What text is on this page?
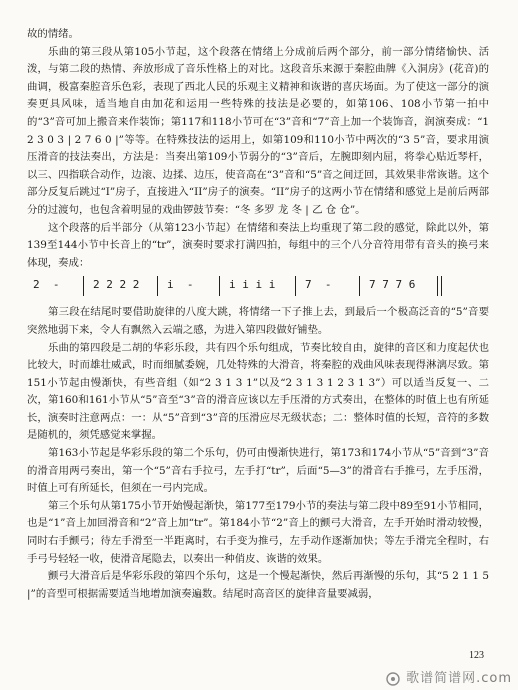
故的情绪。

乐曲的第三段从第105小节起，这个段落在情绪上分成前后两个部分，前一部分情绪愉快、活泼，与第二段的热情、奔放形成了音乐性格上的对比。这段音乐来源于秦腔曲牌《入洞房》(花音)的曲调，极富秦腔音乐色彩，表现了西北人民的乐观主义精神和诙谐的喜庆场面。为了使这一部分的演奏更具风味，适当地自由加花和运用一些特殊的技法是必要的，如第106、108小节第一拍中的“3”音可加上搬音来作装饰；第117和118小节可在“3”音和“7”音上加一个装饰音，润演奏成：“1 2 3 0 3 | 2 7 6 0 |”等等。在特殊技法的运用上，如第109和110小节中两次的“3 5”音，要求用演压滑音的技法奏出，方法是：当奏出第109小节弱分的“3”音后，左腕即刻内屈，将拳心贴近琴杆，以三、四指联合动作，边滚、边揉、边压，使音高在“3”音和“5”音之间迂回，其效果非常诙谐。这个部分反复后跳过“I”房子，直接进入“II”房子的演奏。“II”房子的这两小节在情绪和感觉上是前后两部分的过渡句，也包含着明显的戏曲锣鼓节奏：“冬 多罗 龙 冬 | 乙 仓 仓”。

这个段落的后半部分（从第123小节起）在情绪和奏法上均重现了第二段的感觉，除此以外，第139至144小节中长音上的“tr”，演奏时要求打满四拍，每组中的三个八分音符用带有音头的换弓来体现，奏成：

2  -	2 2 2 2	i  -	i i i i	7  -	7 7 7 6

第三段在结尾时要借助旋律的八度大跳，将情绪一下子推上去，到最后一个极高泛音的“5”音要突然地弱下来，令人有飘然入云端之感，为进入第四段做好铺垫。

乐曲的第四段是二胡的华彩乐段，共有四个乐句组成，节奏比较自由，旋律的音区和力度起伏也比较大，时而雄壮威武，时而细腻委婉，几处特殊的大滑音，将秦腔的戏曲风味表现得淋漓尽致。第151小节起由慢渐快，有些音组（如“2 3 1 3 1”以及“2 3 1 3 1 2 3 1 3”）可以适当反复一、二次，第160和161小节从“5”音至“3”音的滑音应该以左手压滑的方式奏出，在整体的时值上也有所延长，演奏时注意两点：一：从“5”音到“3”音的压滑应尽无级状态；二：整体时值的长短，音符的多数是随机的，须凭感觉来掌握。

第163小节起是华彩乐段的第二个乐句，仍可由慢渐快进行，第173和174小节从“5”音到“3”音的滑音用两弓奏出，第一个“5”音右手拉弓，左手打“tr”，后面“5—3”的滑音右手推弓，左手压滑，时值上可有所延长，但须在一弓内完成。

第三个乐句从第175小节开始慢起渐快，第177至179小节的奏法与第二段中89至91小节相同，也是“1”音上加回滑音和“2”音上加“tr”。第184小节“2”音上的颤弓大滑音，左手开始时滑动较慢，同时右手颤弓；待左手滑至一半距离时，右手变为推弓，左手动作逐渐加快；等左手滑完全程时，右手弓号轻轻一收，使滑音尾隐去，以奏出一种俏皮、诙谐的效果。

颤弓大滑音后是华彩乐段的第四个乐句，这是一个慢起渐快，然后再渐慢的乐句，其“5 2 1 1 5 |”的音型可根据需要适当地增加演奏遍数。结尾时高音区的旋律音量要减弱，

123
歌谱简谱网.com
